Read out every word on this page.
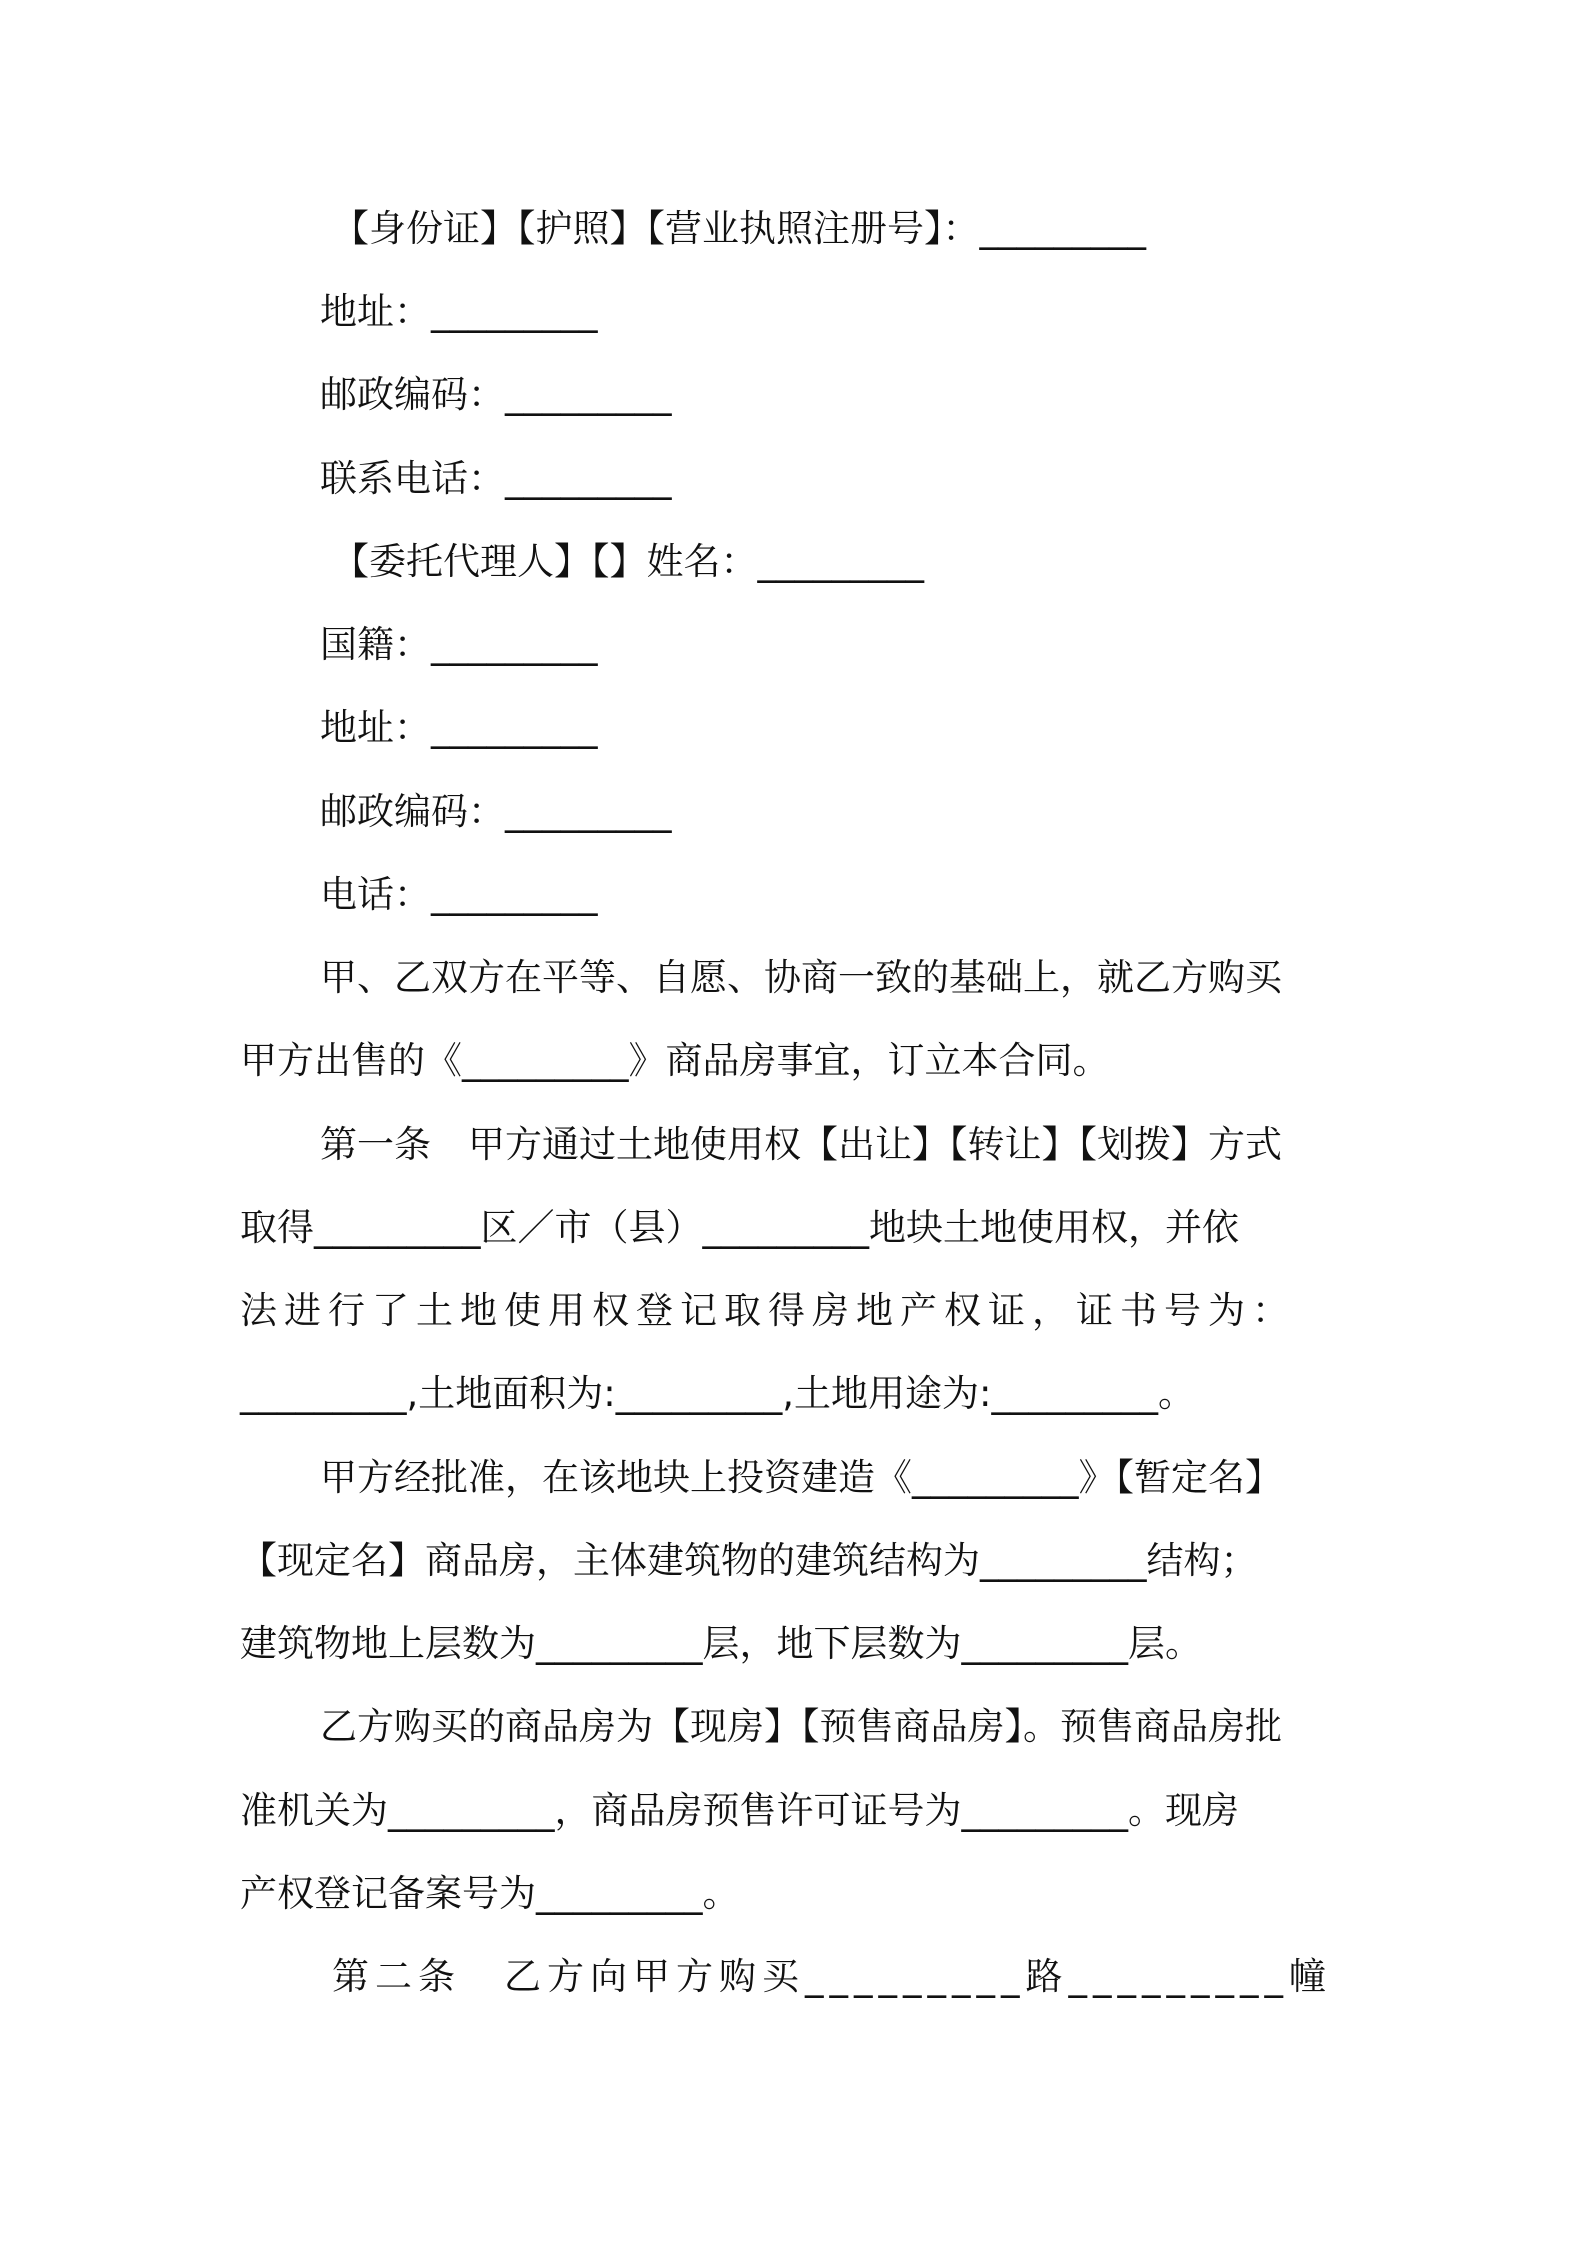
【身份证】【护照】【营业执照注册号】：_________
地址：_________
邮政编码：_________
联系电话：_________
【委托代理人】【】姓名：_________
国籍：_________
地址：_________
邮政编码：_________
电话：_________
甲、乙双方在平等、自愿、协商一致的基础上，就乙方购买
甲方出售的《_________》商品房事宜，订立本合同。
第一条　甲方通过土地使用权【出让】【转让】【划拨】方式
取得_________区／市（县）_________地块土地使用权，并依
法进行了土地使用权登记取得房地产权证，证书号为：
_________,土地面积为:_________,土地用途为:_________。
甲方经批准，在该地块上投资建造《_________》【暂定名】
【现定名】商品房，主体建筑物的建筑结构为_________结构；
建筑物地上层数为_________层，地下层数为_________层。
乙方购买的商品房为【现房】【预售商品房】。预售商品房批
准机关为_________，商品房预售许可证号为_________。现房
产权登记备案号为_________。
第二条　乙方向甲方购买_________路_________幢
